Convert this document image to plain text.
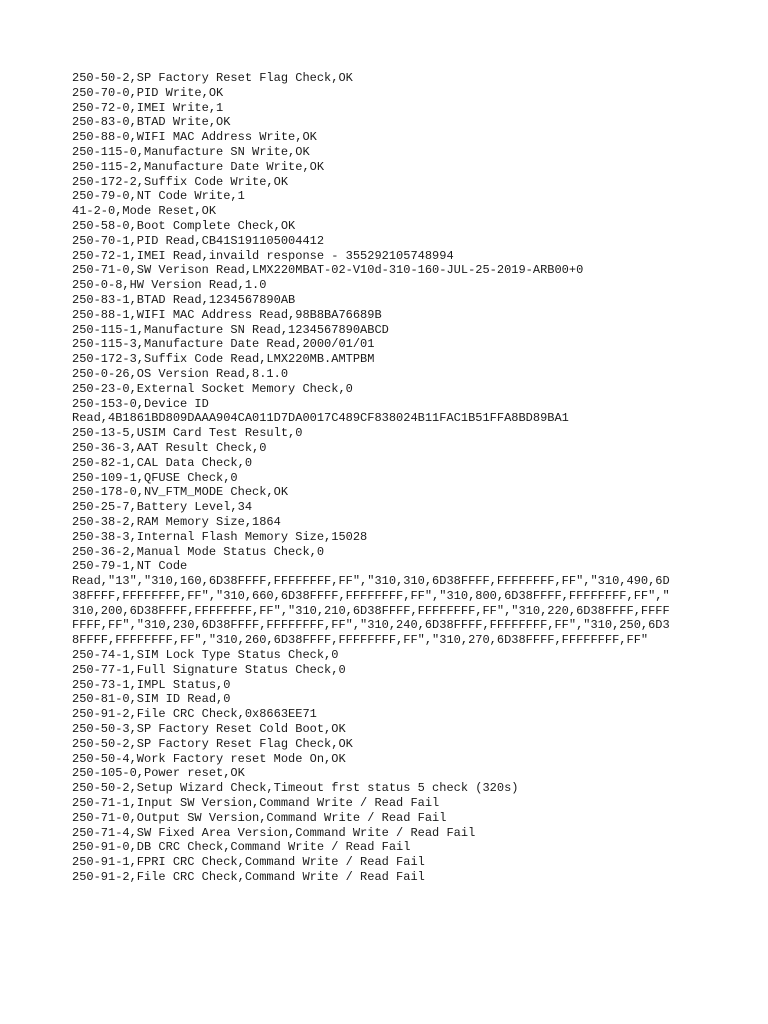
250-50-2,SP Factory Reset Flag Check,OK
250-70-0,PID Write,OK
250-72-0,IMEI Write,1
250-83-0,BTAD Write,OK
250-88-0,WIFI MAC Address Write,OK
250-115-0,Manufacture SN Write,OK
250-115-2,Manufacture Date Write,OK
250-172-2,Suffix Code Write,OK
250-79-0,NT Code Write,1
41-2-0,Mode Reset,OK
250-58-0,Boot Complete Check,OK
250-70-1,PID Read,CB41S191105004412
250-72-1,IMEI Read,invaild response - 355292105748994
250-71-0,SW Verison Read,LMX220MBAT-02-V10d-310-160-JUL-25-2019-ARB00+0
250-0-8,HW Version Read,1.0
250-83-1,BTAD Read,1234567890AB
250-88-1,WIFI MAC Address Read,98B8BA76689B
250-115-1,Manufacture SN Read,1234567890ABCD
250-115-3,Manufacture Date Read,2000/01/01
250-172-3,Suffix Code Read,LMX220MB.AMTPBM
250-0-26,OS Version Read,8.1.0
250-23-0,External Socket Memory Check,0
250-153-0,Device ID
Read,4B1861BD809DAAA904CA011D7DA0017C489CF838024B11FAC1B51FFA8BD89BA1
250-13-5,USIM Card Test Result,0
250-36-3,AAT Result Check,0
250-82-1,CAL Data Check,0
250-109-1,QFUSE Check,0
250-178-0,NV_FTM_MODE Check,OK
250-25-7,Battery Level,34
250-38-2,RAM Memory Size,1864
250-38-3,Internal Flash Memory Size,15028
250-36-2,Manual Mode Status Check,0
250-79-1,NT Code
Read,"13","310,160,6D38FFFF,FFFFFFFF,FF","310,310,6D38FFFF,FFFFFFFF,FF","310,490,6D
38FFFF,FFFFFFFF,FF","310,660,6D38FFFF,FFFFFFFF,FF","310,800,6D38FFFF,FFFFFFFF,FF","
310,200,6D38FFFF,FFFFFFFF,FF","310,210,6D38FFFF,FFFFFFFF,FF","310,220,6D38FFFF,FFFF
FFFF,FF","310,230,6D38FFFF,FFFFFFFF,FF","310,240,6D38FFFF,FFFFFFFF,FF","310,250,6D3
8FFFF,FFFFFFFF,FF","310,260,6D38FFFF,FFFFFFFF,FF","310,270,6D38FFFF,FFFFFFFF,FF"
250-74-1,SIM Lock Type Status Check,0
250-77-1,Full Signature Status Check,0
250-73-1,IMPL Status,0
250-81-0,SIM ID Read,0
250-91-2,File CRC Check,0x8663EE71
250-50-3,SP Factory Reset Cold Boot,OK
250-50-2,SP Factory Reset Flag Check,OK
250-50-4,Work Factory reset Mode On,OK
250-105-0,Power reset,OK
250-50-2,Setup Wizard Check,Timeout frst status 5 check (320s)
250-71-1,Input SW Version,Command Write / Read Fail
250-71-0,Output SW Version,Command Write / Read Fail
250-71-4,SW Fixed Area Version,Command Write / Read Fail
250-91-0,DB CRC Check,Command Write / Read Fail
250-91-1,FPRI CRC Check,Command Write / Read Fail
250-91-2,File CRC Check,Command Write / Read Fail
